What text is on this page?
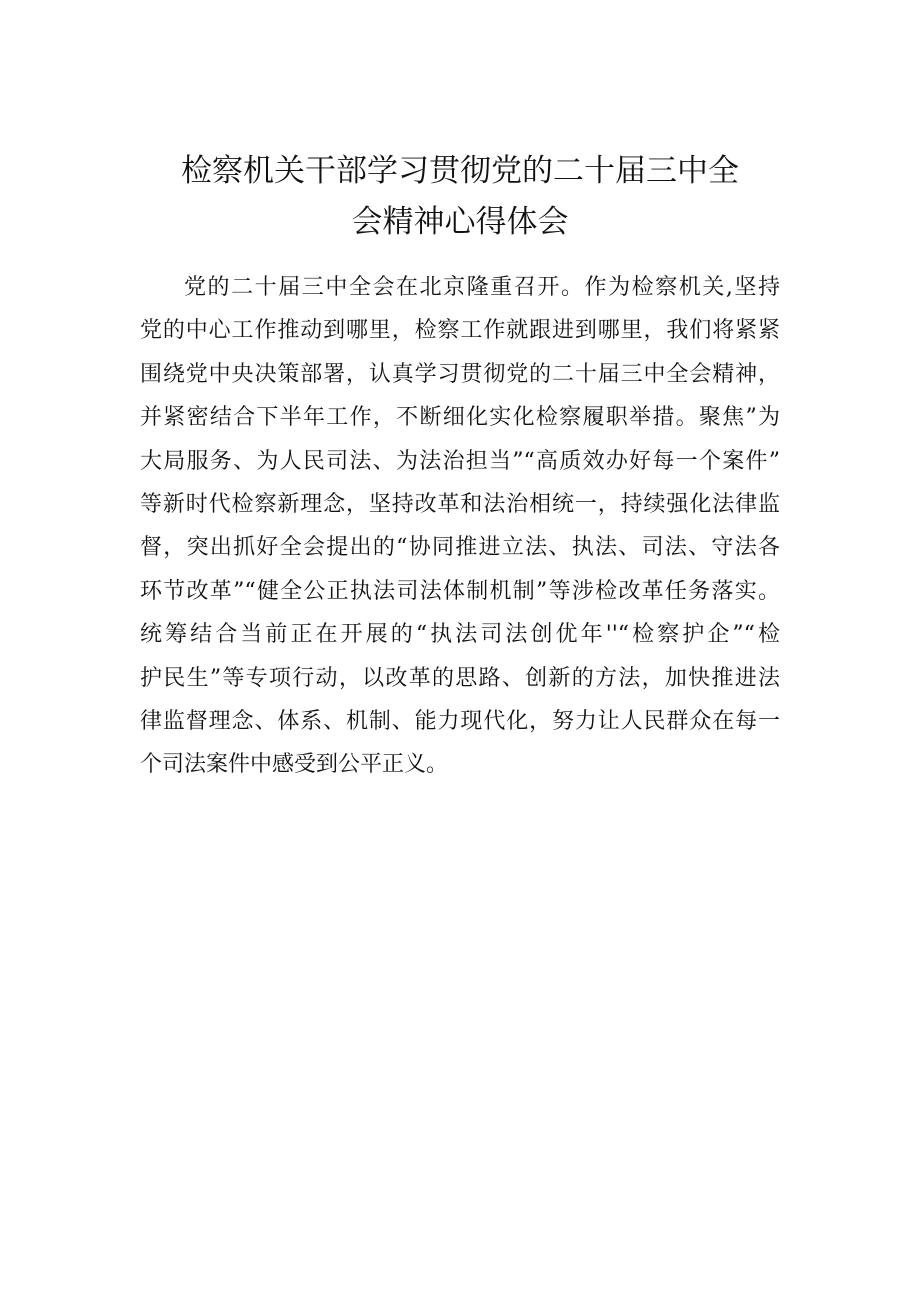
检察机关干部学习贯彻党的二十届三中全
会精神心得体会
党的二十届三中全会在北京隆重召开。作为检察机关,坚持
党的中心工作推动到哪里，检察工作就跟进到哪里，我们将紧紧
围绕党中央决策部署，认真学习贯彻党的二十届三中全会精神，
并紧密结合下半年工作，不断细化实化检察履职举措。聚焦”为
大局服务、为人民司法、为法治担当”“高质效办好每一个案件”
等新时代检察新理念，坚持改革和法治相统一，持续强化法律监
督，突出抓好全会提出的“协同推进立法、执法、司法、守法各
环节改革”“健全公正执法司法体制机制”等涉检改革任务落实。
统筹结合当前正在开展的“执法司法创优年''“检察护企”“检
护民生”等专项行动，以改革的思路、创新的方法，加快推进法
律监督理念、体系、机制、能力现代化，努力让人民群众在每一
个司法案件中感受到公平正义。
